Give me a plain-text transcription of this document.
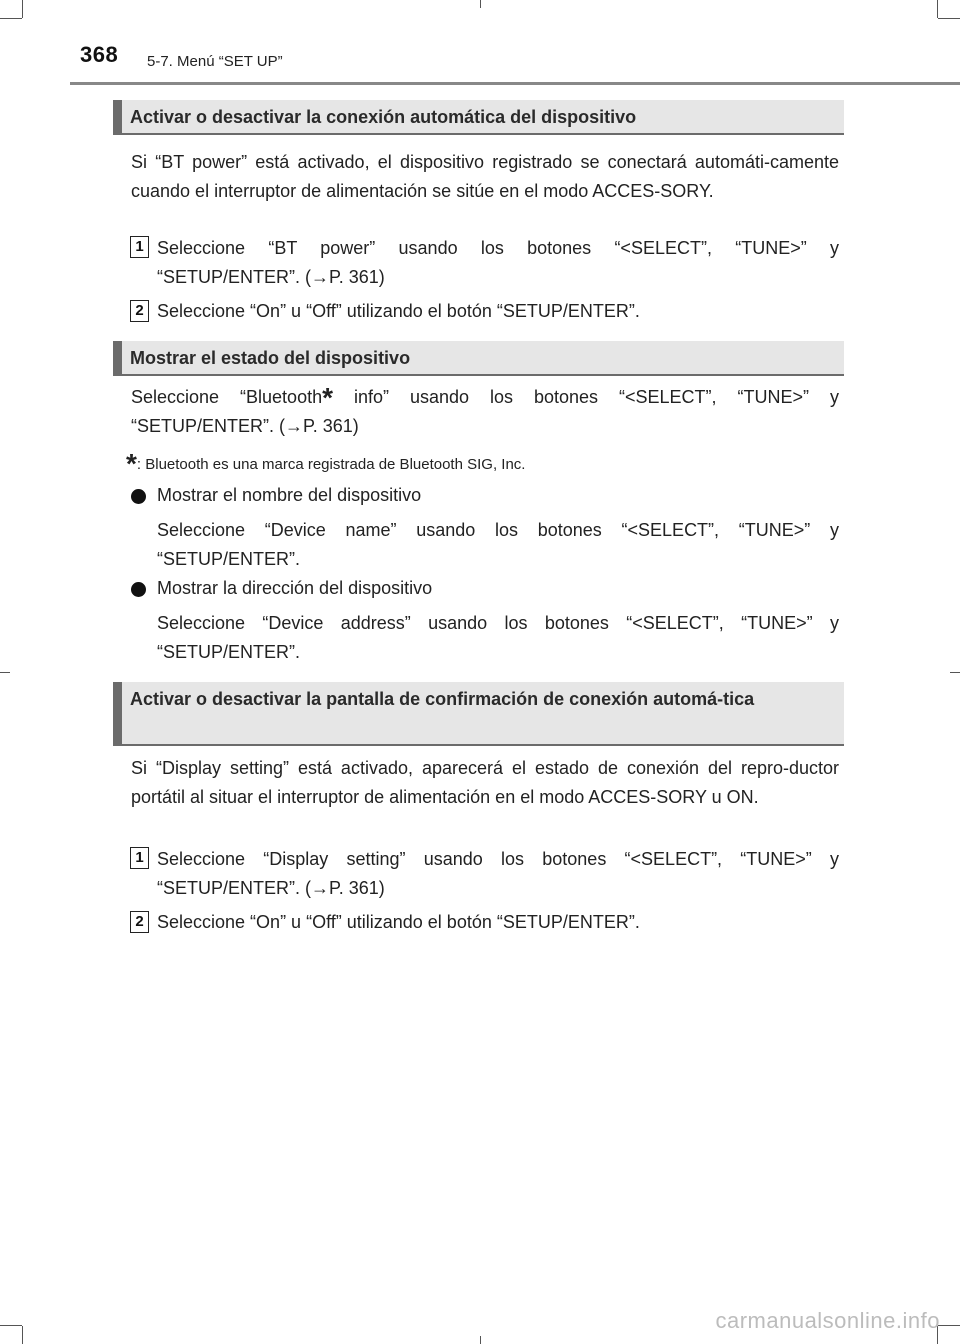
368 5-7. Menú “SET UP”
Activar o desactivar la conexión automática del dispositivo
Si “BT power” está activado, el dispositivo registrado se conectará automáti-camente cuando el interruptor de alimentación se sitúe en el modo ACCES-SORY.
1 Seleccione “BT power” usando los botones “<SELECT”, “TUNE>” y “SETUP/ENTER”. (→P. 361)
2 Seleccione “On” u “Off” utilizando el botón “SETUP/ENTER”.
Mostrar el estado del dispositivo
Seleccione “Bluetooth* info” usando los botones “<SELECT”, “TUNE>” y “SETUP/ENTER”. (→P. 361)
*: Bluetooth es una marca registrada de Bluetooth SIG, Inc.
Mostrar el nombre del dispositivo
Seleccione “Device name” usando los botones “<SELECT”, “TUNE>” y “SETUP/ENTER”.
Mostrar la dirección del dispositivo
Seleccione “Device address” usando los botones “<SELECT”, “TUNE>” y “SETUP/ENTER”.
Activar o desactivar la pantalla de confirmación de conexión automá-tica
Si “Display setting” está activado, aparecerá el estado de conexión del repro-ductor portátil al situar el interruptor de alimentación en el modo ACCES-SORY u ON.
1 Seleccione “Display setting” usando los botones “<SELECT”, “TUNE>” y “SETUP/ENTER”. (→P. 361)
2 Seleccione “On” u “Off” utilizando el botón “SETUP/ENTER”.
carmanualsonline.info
